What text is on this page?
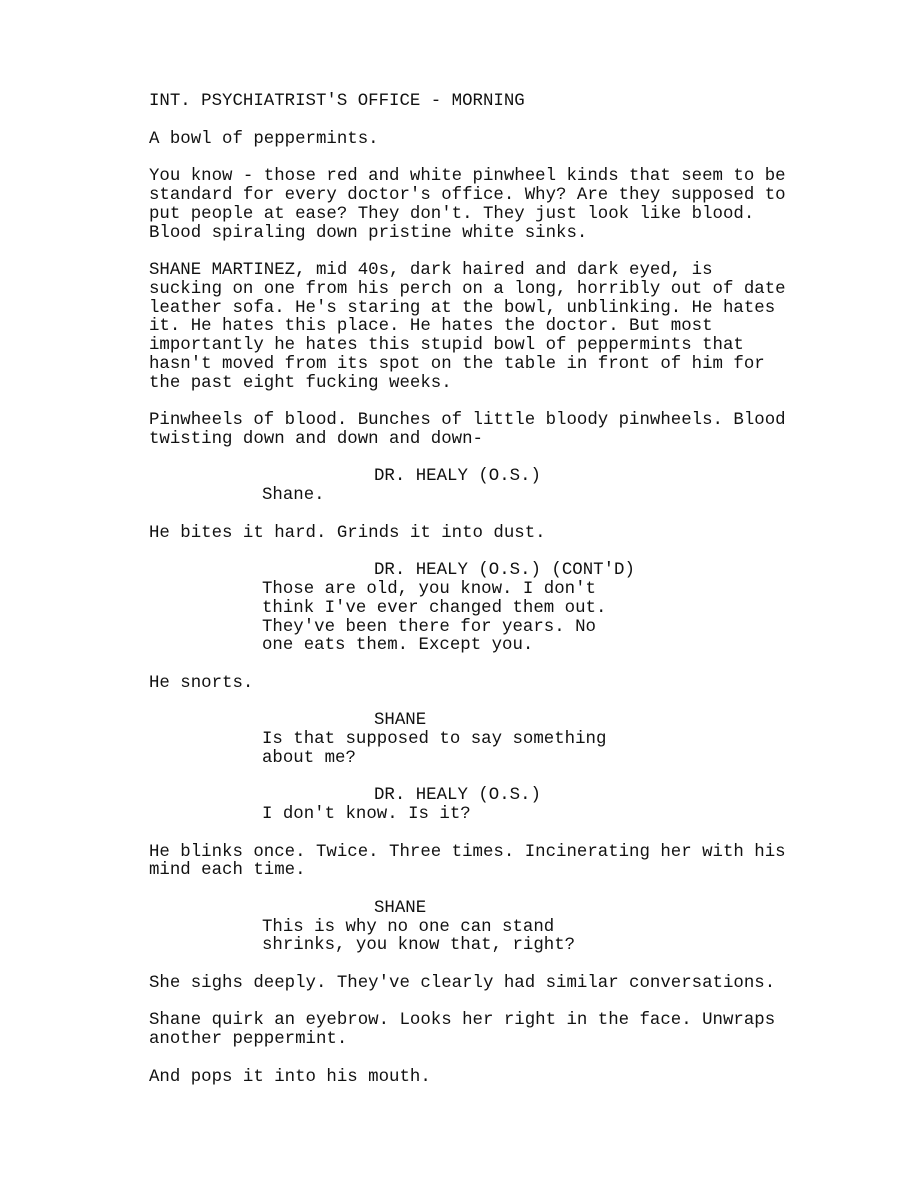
INT. PSYCHIATRIST'S OFFICE - MORNING
A bowl of peppermints.
You know - those red and white pinwheel kinds that seem to be
standard for every doctor's office. Why? Are they supposed to
put people at ease? They don't. They just look like blood.
Blood spiraling down pristine white sinks.
SHANE MARTINEZ, mid 40s, dark haired and dark eyed, is
sucking on one from his perch on a long, horribly out of date
leather sofa. He's staring at the bowl, unblinking. He hates
it. He hates this place. He hates the doctor. But most
importantly he hates this stupid bowl of peppermints that
hasn't moved from its spot on the table in front of him for
the past eight fucking weeks.
Pinwheels of blood. Bunches of little bloody pinwheels. Blood
twisting down and down and down-
DR. HEALY (O.S.)
Shane.
He bites it hard. Grinds it into dust.
DR. HEALY (O.S.) (CONT'D)
Those are old, you know. I don't
think I've ever changed them out.
They've been there for years. No
one eats them. Except you.
He snorts.
SHANE
Is that supposed to say something
about me?
DR. HEALY (O.S.)
I don't know. Is it?
He blinks once. Twice. Three times. Incinerating her with his
mind each time.
SHANE
This is why no one can stand
shrinks, you know that, right?
She sighs deeply. They've clearly had similar conversations.
Shane quirk an eyebrow. Looks her right in the face. Unwraps
another peppermint.
And pops it into his mouth.
